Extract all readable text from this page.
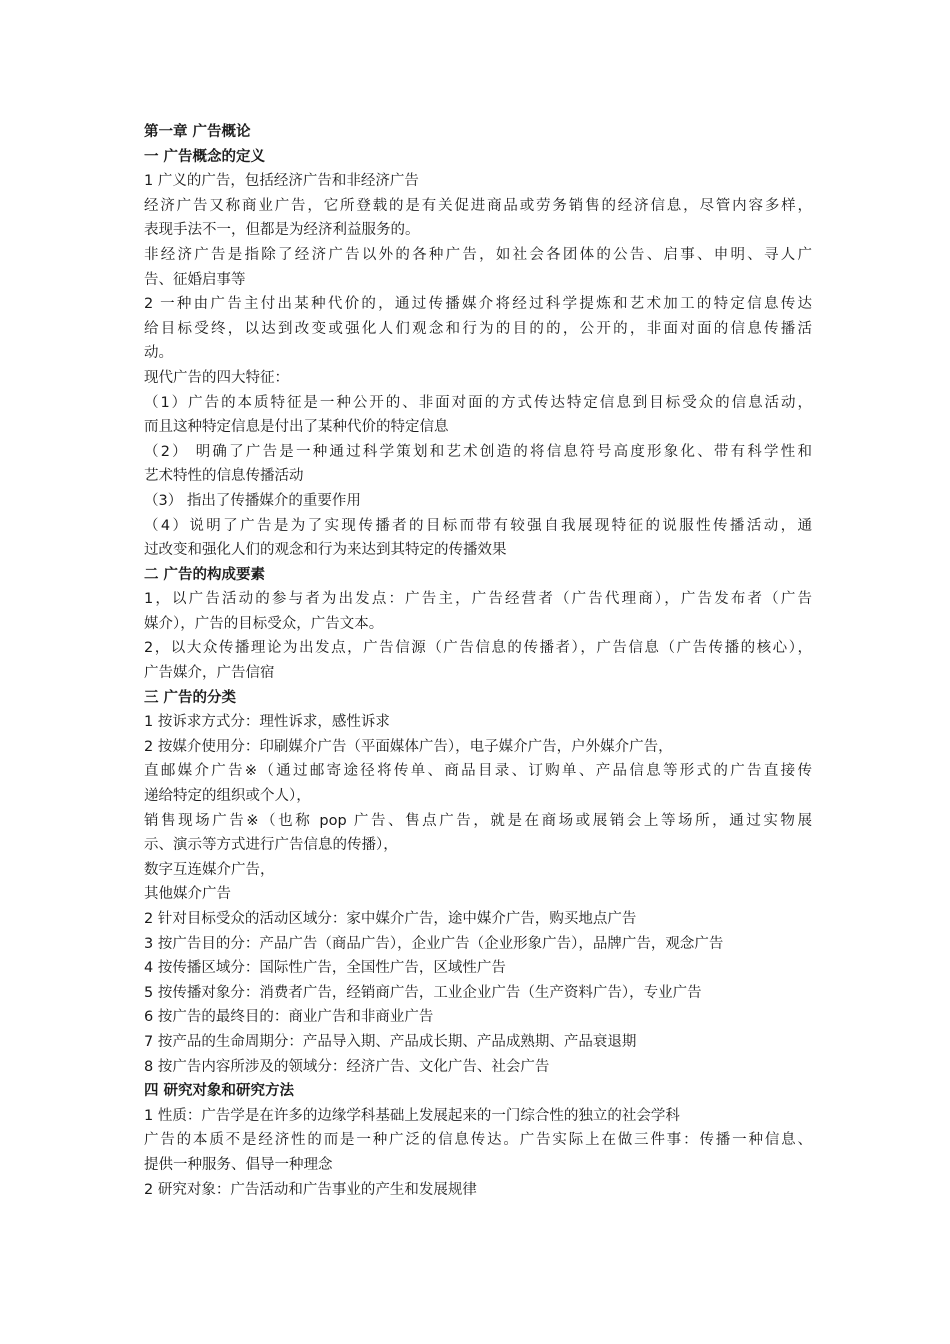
第一章 广告概论

一 广告概念的定义

1 广义的广告，包括经济广告和非经济广告

经济广告又称商业广告，它所登载的是有关促进商品或劳务销售的经济信息，尽管内容多样，

表现手法不一，但都是为经济利益服务的。

非经济广告是指除了经济广告以外的各种广告，如社会各团体的公告、启事、申明、寻人广

告、征婚启事等

2 一种由广告主付出某种代价的，通过传播媒介将经过科学提炼和艺术加工的特定信息传达

给目标受终，以达到改变或强化人们观念和行为的目的的，公开的，非面对面的信息传播活

动。

现代广告的四大特征：

（1）广告的本质特征是一种公开的、非面对面的方式传达特定信息到目标受众的信息活动，

而且这种特定信息是付出了某种代价的特定信息

（2） 明确了广告是一种通过科学策划和艺术创造的将信息符号高度形象化、带有科学性和

艺术特性的信息传播活动

（3） 指出了传播媒介的重要作用

（4）说明了广告是为了实现传播者的目标而带有较强自我展现特征的说服性传播活动，通

过改变和强化人们的观念和行为来达到其特定的传播效果

二 广告的构成要素

1，以广告活动的参与者为出发点：广告主，广告经营者（广告代理商），广告发布者（广告

媒介），广告的目标受众，广告文本。

2，以大众传播理论为出发点，广告信源（广告信息的传播者），广告信息（广告传播的核心），

广告媒介，广告信宿

三 广告的分类

1 按诉求方式分：理性诉求，感性诉求

2 按媒介使用分：印刷媒介广告（平面媒体广告），电子媒介广告，户外媒介广告，

直邮媒介广告※（通过邮寄途径将传单、商品目录、订购单、产品信息等形式的广告直接传

递给特定的组织或个人），

销售现场广告※（也称 pop 广告、售点广告，就是在商场或展销会上等场所，通过实物展

示、演示等方式进行广告信息的传播），

数字互连媒介广告，

其他媒介广告

2 针对目标受众的活动区域分：家中媒介广告，途中媒介广告，购买地点广告

3 按广告目的分：产品广告（商品广告），企业广告（企业形象广告），品牌广告，观念广告

4 按传播区域分：国际性广告，全国性广告，区域性广告

5 按传播对象分：消费者广告，经销商广告，工业企业广告（生产资料广告），专业广告

6 按广告的最终目的：商业广告和非商业广告

7 按产品的生命周期分：产品导入期、产品成长期、产品成熟期、产品衰退期

8 按广告内容所涉及的领域分：经济广告、文化广告、社会广告

四 研究对象和研究方法

1 性质：广告学是在许多的边缘学科基础上发展起来的一门综合性的独立的社会学科

广告的本质不是经济性的而是一种广泛的信息传达。广告实际上在做三件事：传播一种信息、

提供一种服务、倡导一种理念

2 研究对象：广告活动和广告事业的产生和发展规律
